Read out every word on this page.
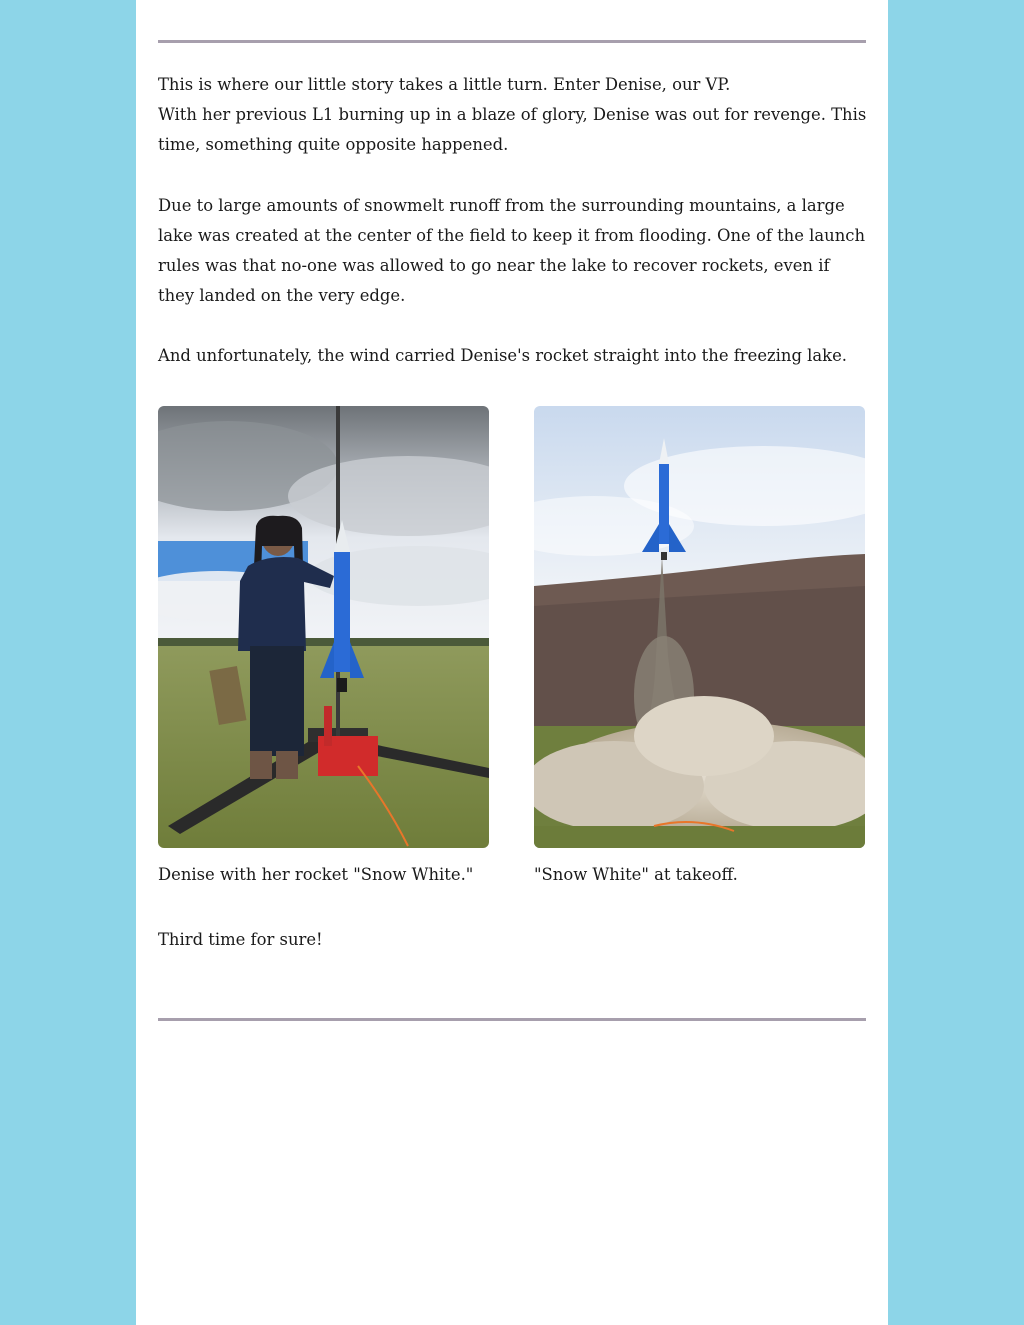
This is where our little story takes a little turn. Enter Denise, our VP.
With her previous L1 burning up in a blaze of glory, Denise was out for revenge. This time, something quite opposite happened.
Due to large amounts of snowmelt runoff from the surrounding mountains, a large lake was created at the center of the field to keep it from flooding. One of the launch rules was that no-one was allowed to go near the lake to recover rockets, even if they landed on the very edge.
And unfortunately, the wind carried Denise's rocket straight into the freezing lake.
Denise with her rocket "Snow White."	"Snow White" at takeoff.
Third time for sure!
